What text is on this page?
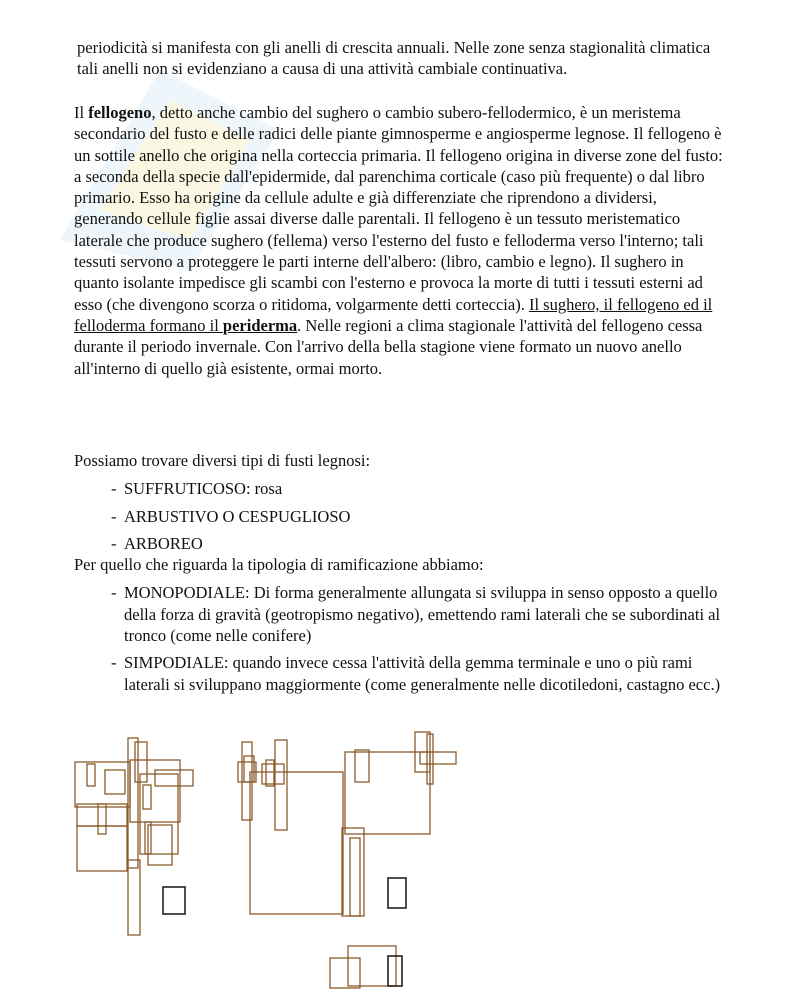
periodicità si manifesta con gli anelli di crescita annuali. Nelle zone senza stagionalità climatica tali anelli non si evidenziano a causa di una attività cambiale continuativa.

Il fellogeno, detto anche cambio del sughero o cambio subero-fellodermico, è un meristema secondario del fusto e delle radici delle piante gimnosperme e angiosperme legnose. Il fellogeno è un sottile anello che origina nella corteccia primaria. Il fellogeno origina in diverse zone del fusto: a seconda della specie dall'epidermide, dal parenchima corticale (caso più frequente) o dal libro primario. Esso ha origine da cellule adulte e già differenziate che riprendono a dividersi, generando cellule figlie assai diverse dalle parentali. Il fellogeno è un tessuto meristematico laterale che produce sughero (fellema) verso l'esterno del fusto e felloderma verso l'interno; tali tessuti servono a proteggere le parti interne dell'albero: (libro, cambio e legno). Il sughero in quanto isolante impedisce gli scambi con l'esterno e provoca la morte di tutti i tessuti esterni ad esso (che divengono scorza o ritidoma, volgarmente detti corteccia). Il sughero, il fellogeno ed il felloderma formano il periderma. Nelle regioni a clima stagionale l'attività del fellogeno cessa durante il periodo invernale. Con l'arrivo della bella stagione viene formato un nuovo anello all'interno di quello già esistente, ormai morto.

Possiamo trovare diversi tipi di fusti legnosi:

- SUFFRUTICOSO: rosa
- ARBUSTIVO O CESPUGLIOSO
- ARBOREO

Per quello che riguarda la tipologia di ramificazione abbiamo:

- MONOPODIALE: Di forma generalmente allungata si sviluppa in senso opposto a quello della forza di gravità (geotropismo negativo), emettendo rami laterali che se subordinati al tronco (come nelle conifere)
- SIMPODIALE: quando invece cessa l'attività della gemma terminale e uno o più rami laterali si sviluppano maggiormente (come generalmente nelle dicotiledoni, castagno ecc.)
